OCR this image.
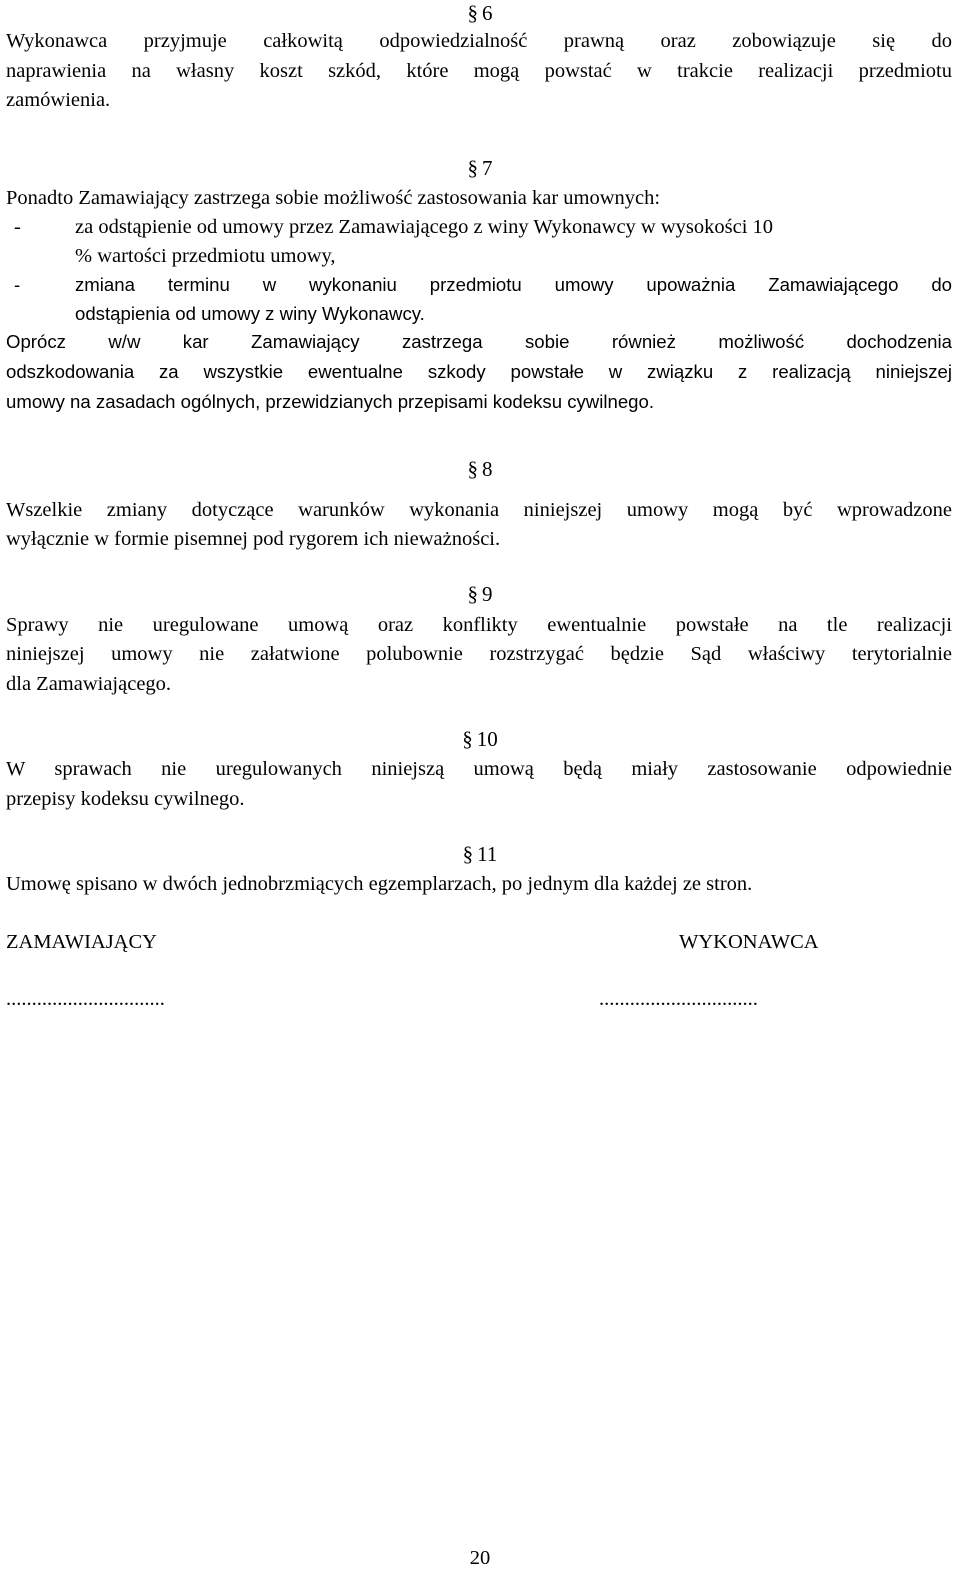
§ 6
Wykonawca przyjmuje całkowitą odpowiedzialność prawną oraz zobowiązuje się do
naprawienia na własny koszt szkód, które mogą powstać w trakcie realizacji przedmiotu
zamówienia.
§ 7
Ponadto Zamawiający zastrzega sobie możliwość zastosowania kar umownych:
-	za odstąpienie od umowy przez Zamawiającego z winy Wykonawcy w wysokości 10
% wartości przedmiotu umowy,
-	zmiana terminu w wykonaniu przedmiotu umowy upoważnia Zamawiającego do
odstąpienia od umowy z winy Wykonawcy.
Oprócz w/w kar Zamawiający zastrzega sobie również możliwość dochodzenia
odszkodowania za wszystkie ewentualne szkody powstałe w związku z realizacją niniejszej
umowy na zasadach ogólnych, przewidzianych przepisami kodeksu cywilnego.
§ 8
Wszelkie zmiany dotyczące warunków wykonania niniejszej umowy mogą być wprowadzone
wyłącznie w formie pisemnej pod rygorem ich nieważności.
§ 9
Sprawy nie uregulowane umową oraz konflikty ewentualnie powstałe na tle realizacji
niniejszej umowy nie załatwione polubownie rozstrzygać będzie Sąd właściwy terytorialnie
dla Zamawiającego.
§ 10
W sprawach nie uregulowanych niniejszą umową będą miały zastosowanie odpowiednie
przepisy kodeksu cywilnego.
§ 11
Umowę spisano w dwóch jednobrzmiących egzemplarzach, po jednym dla każdej ze stron.
ZAMAWIAJĄCY	WYKONAWCA
...............................	...............................
20
